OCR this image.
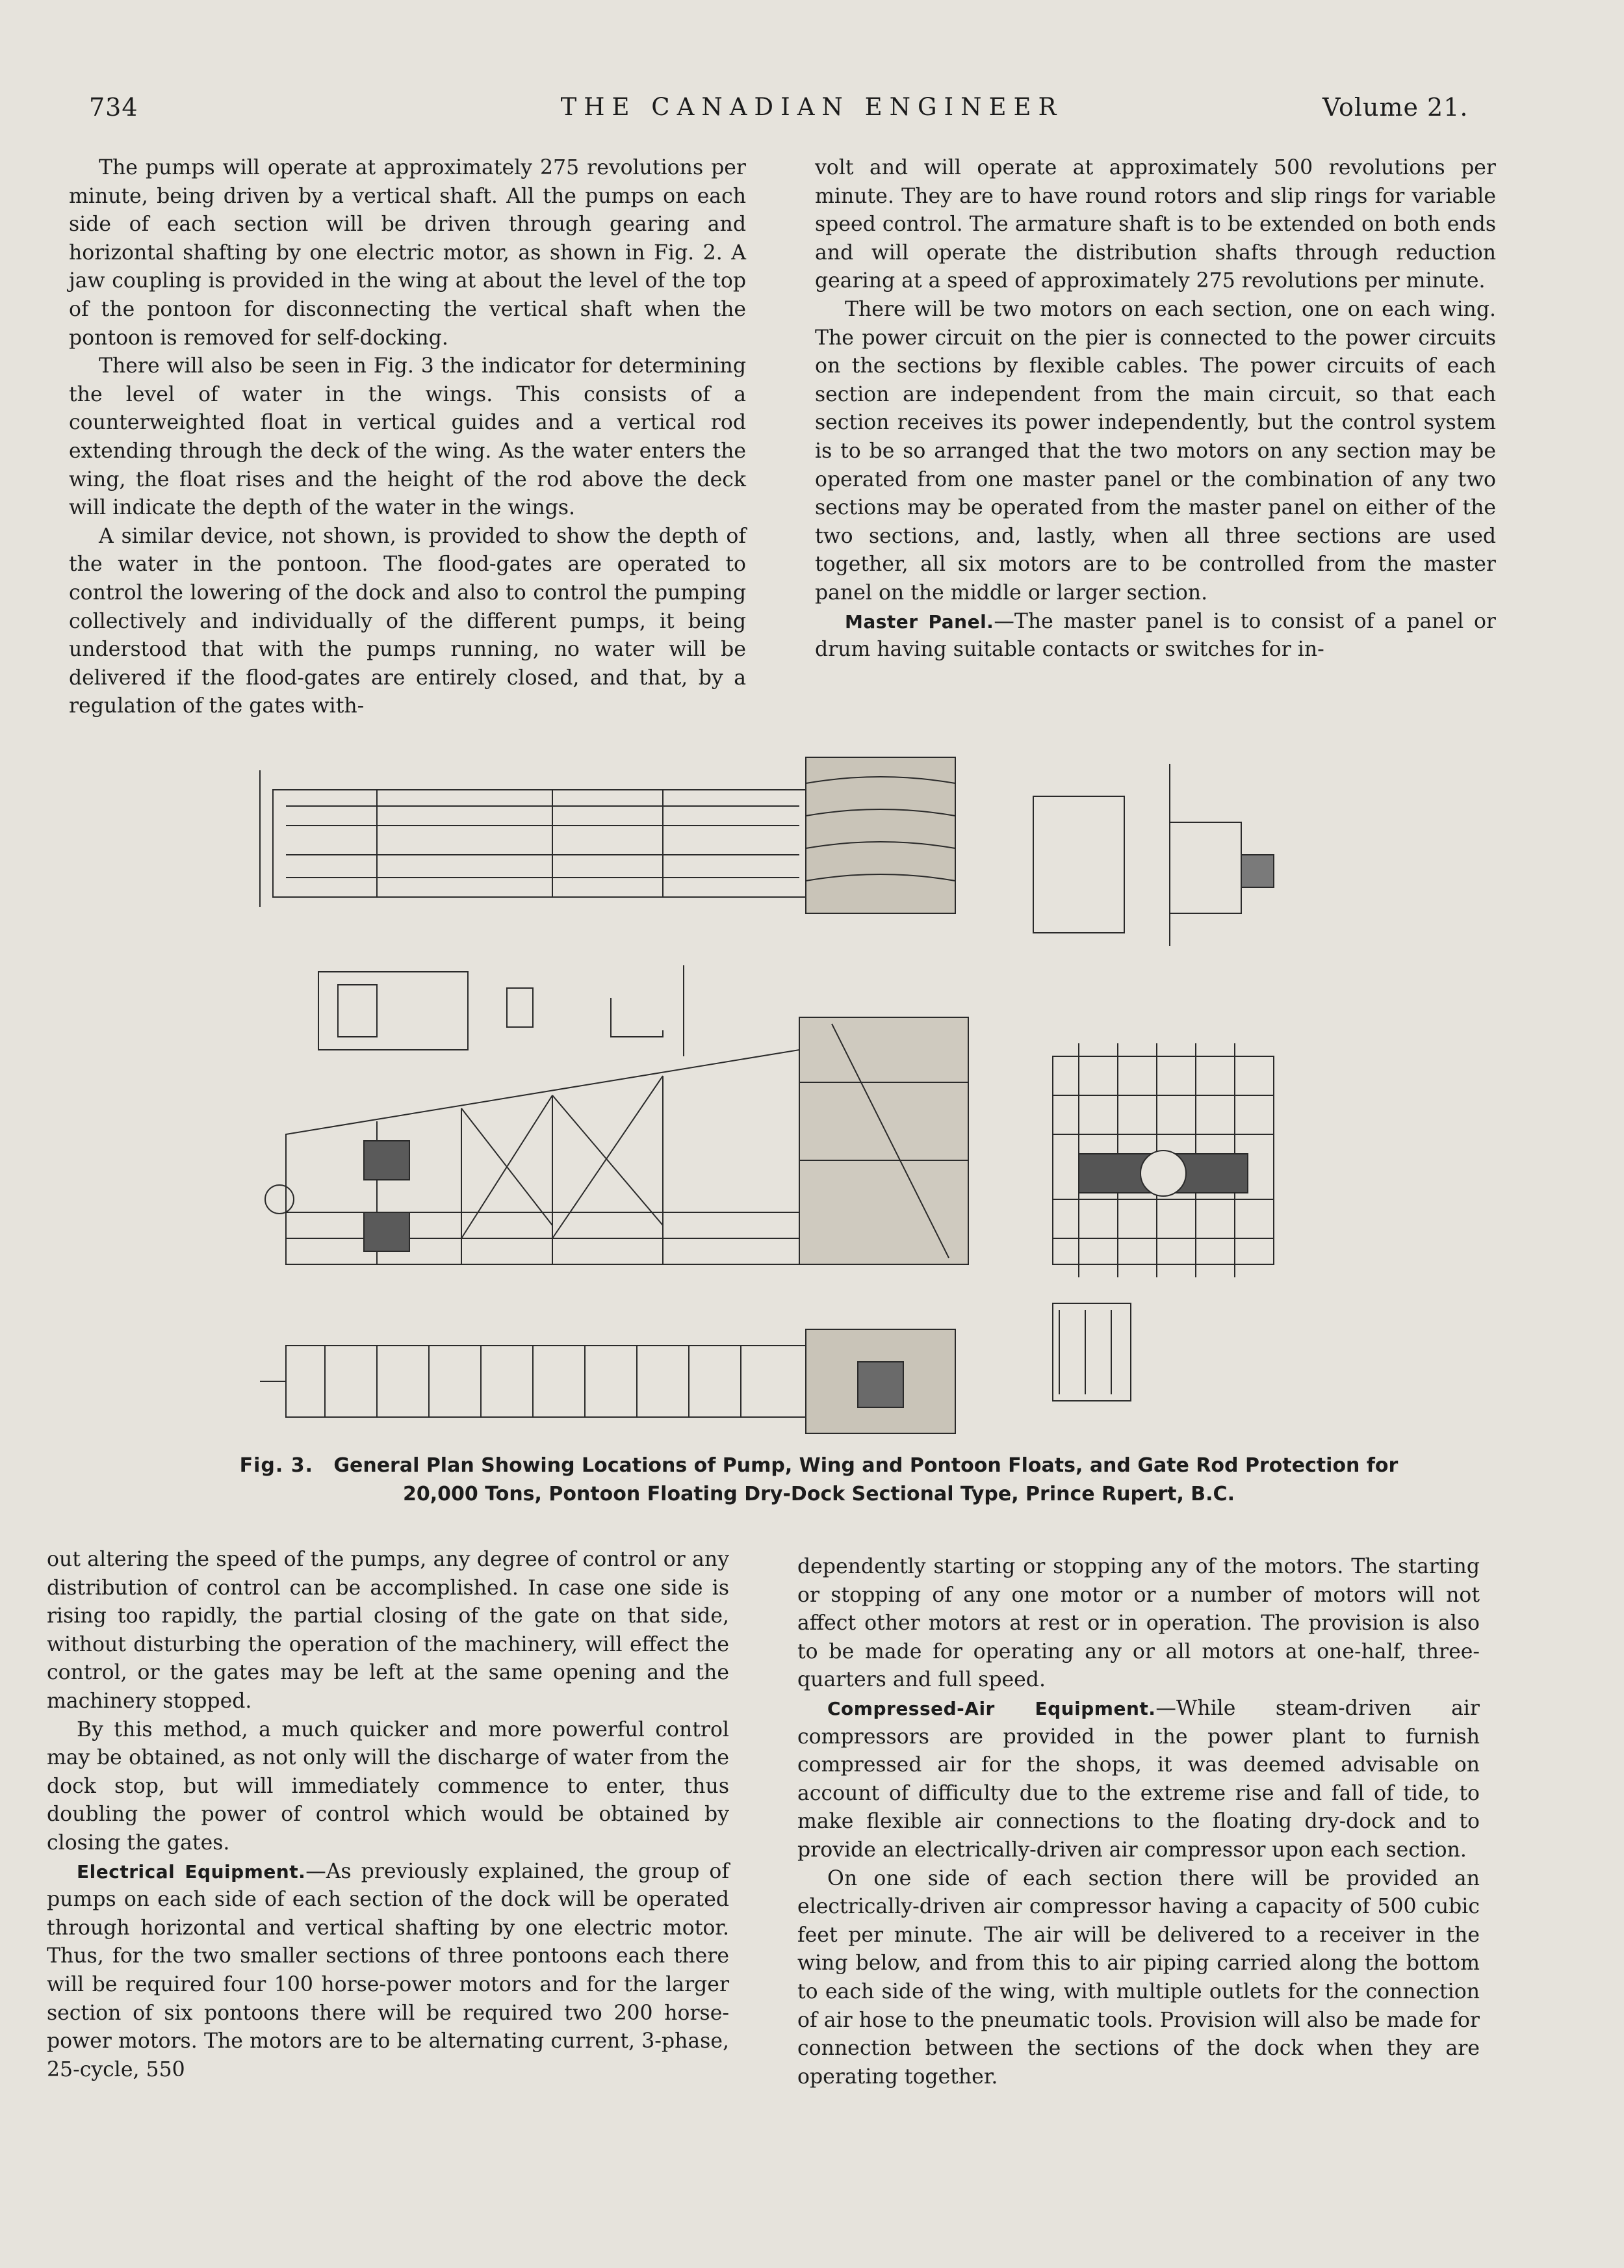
734	THE CANADIAN ENGINEER	Volume 21.

The pumps will operate at approximately 275 revolutions per minute, being driven by a vertical shaft. All the pumps on each side of each section will be driven through gearing and horizontal shafting by one electric motor, as shown in Fig. 2. A jaw coupling is provided in the wing at about the level of the top of the pontoon for disconnecting the vertical shaft when the pontoon is removed for self-docking.

There will also be seen in Fig. 3 the indicator for determining the level of water in the wings. This consists of a counterweighted float in vertical guides and a vertical rod extending through the deck of the wing. As the water enters the wing, the float rises and the height of the rod above the deck will indicate the depth of the water in the wings.

A similar device, not shown, is provided to show the depth of the water in the pontoon. The flood-gates are operated to control the lowering of the dock and also to control the pumping collectively and individually of the different pumps, it being understood that with the pumps running, no water will be delivered if the flood-gates are entirely closed, and that, by a regulation of the gates with-

volt and will operate at approximately 500 revolutions per minute. They are to have round rotors and slip rings for variable speed control. The armature shaft is to be extended on both ends and will operate the distribution shafts through reduction gearing at a speed of approximately 275 revolutions per minute.

There will be two motors on each section, one on each wing. The power circuit on the pier is connected to the power circuits on the sections by flexible cables. The power circuits of each section are independent from the main circuit, so that each section receives its power independently, but the control system is to be so arranged that the two motors on any section may be operated from one master panel or the combination of any two sections may be operated from the master panel on either of the two sections, and, lastly, when all three sections are used together, all six motors are to be controlled from the master panel on the middle or larger section.

Master Panel.—The master panel is to consist of a panel or drum having suitable contacts or switches for in-

Fig. 3. General Plan Showing Locations of Pump, Wing and Pontoon Floats, and Gate Rod Protection for
20,000 Tons, Pontoon Floating Dry-Dock Sectional Type, Prince Rupert, B.C.

out altering the speed of the pumps, any degree of control or any distribution of control can be accomplished. In case one side is rising too rapidly, the partial closing of the gate on that side, without disturbing the operation of the machinery, will effect the control, or the gates may be left at the same opening and the machinery stopped.

By this method, a much quicker and more powerful control may be obtained, as not only will the discharge of water from the dock stop, but will immediately commence to enter, thus doubling the power of control which would be obtained by closing the gates.

Electrical Equipment.—As previously explained, the group of pumps on each side of each section of the dock will be operated through horizontal and vertical shafting by one electric motor. Thus, for the two smaller sections of three pontoons each there will be required four 100 horse-power motors and for the larger section of six pontoons there will be required two 200 horse-power motors. The motors are to be alternating current, 3-phase, 25-cycle, 550

dependently starting or stopping any of the motors. The starting or stopping of any one motor or a number of motors will not affect other motors at rest or in operation. The provision is also to be made for operating any or all motors at one-half, three-quarters and full speed.

Compressed-Air Equipment.—While steam-driven air compressors are provided in the power plant to furnish compressed air for the shops, it was deemed advisable on account of difficulty due to the extreme rise and fall of tide, to make flexible air connections to the floating dry-dock and to provide an electrically-driven air compressor upon each section.

On one side of each section there will be provided an electrically-driven air compressor having a capacity of 500 cubic feet per minute. The air will be delivered to a receiver in the wing below, and from this to air piping carried along the bottom to each side of the wing, with multiple outlets for the connection of air hose to the pneumatic tools. Provision will also be made for connection between the sections of the dock when they are operating together.
